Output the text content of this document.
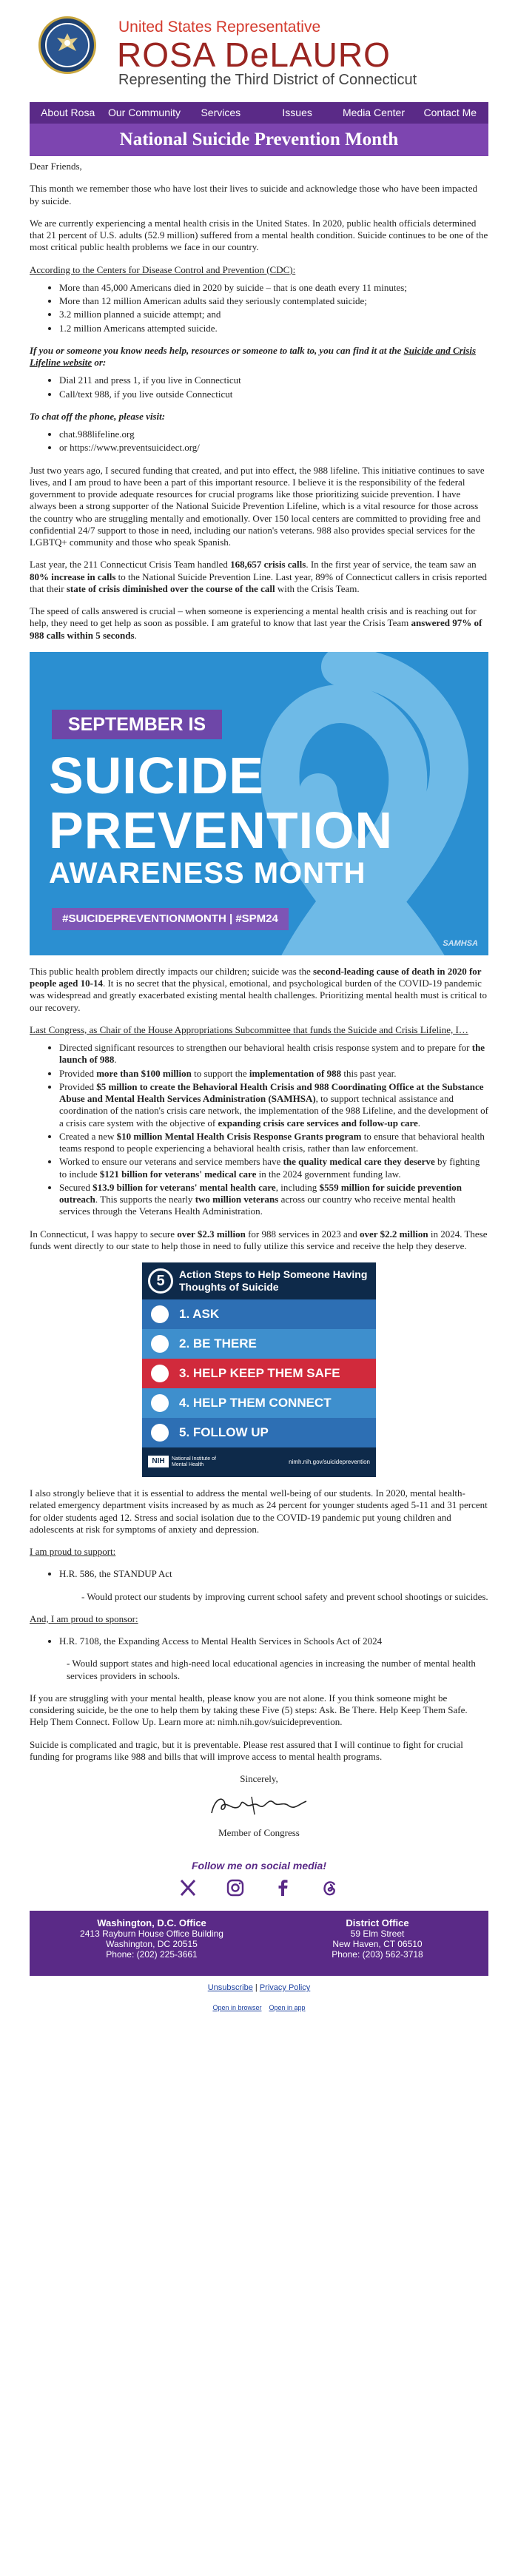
United States Representative
ROSA DeLAURO
Representing the Third District of Connecticut
About Rosa	Our Community	Services	Issues	Media Center	Contact Me
National Suicide Prevention Month

Dear Friends,

This month we remember those who have lost their lives to suicide and acknowledge those who have been impacted by suicide.

We are currently experiencing a mental health crisis in the United States. In 2020, public health officials determined that 21 percent of U.S. adults (52.9 million) suffered from a mental health condition. Suicide continues to be one of the most critical public health problems we face in our country.

According to the Centers for Disease Control and Prevention (CDC):

• More than 45,000 Americans died in 2020 by suicide – that is one death every 11 minutes;
• More than 12 million American adults said they seriously contemplated suicide;
• 3.2 million planned a suicide attempt; and
• 1.2 million Americans attempted suicide.

If you or someone you know needs help, resources or someone to talk to, you can find it at the Suicide and Crisis Lifeline website or:

• Dial 211 and press 1, if you live in Connecticut
• Call/text 988, if you live outside Connecticut

To chat off the phone, please visit:

• chat.988lifeline.org
• or https://www.preventsuicidect.org/

Just two years ago, I secured funding that created, and put into effect, the 988 lifeline. This initiative continues to save lives, and I am proud to have been a part of this important resource. I believe it is the responsibility of the federal government to provide adequate resources for crucial programs like those prioritizing suicide prevention. I have always been a strong supporter of the National Suicide Prevention Lifeline, which is a vital resource for those across the country who are struggling mentally and emotionally. Over 150 local centers are committed to providing free and confidential 24/7 support to those in need, including our nation's veterans. 988 also provides special services for the LGBTQ+ community and those who speak Spanish.

Last year, the 211 Connecticut Crisis Team handled 168,657 crisis calls. In the first year of service, the team saw an 80% increase in calls to the National Suicide Prevention Line. Last year, 89% of Connecticut callers in crisis reported that their state of crisis diminished over the course of the call with the Crisis Team.

The speed of calls answered is crucial – when someone is experiencing a mental health crisis and is reaching out for help, they need to get help as soon as possible. I am grateful to know that last year the Crisis Team answered 97% of 988 calls within 5 seconds.

SEPTEMBER IS
SUICIDE
PREVENTION
AWARENESS MONTH
#SUICIDEPREVENTIONMONTH | #SPM24
SAMHSA

This public health problem directly impacts our children; suicide was the second-leading cause of death in 2020 for people aged 10-14. It is no secret that the physical, emotional, and psychological burden of the COVID-19 pandemic was widespread and greatly exacerbated existing mental health challenges. Prioritizing mental health must is critical to our recovery.

Last Congress, as Chair of the House Appropriations Subcommittee that funds the Suicide and Crisis Lifeline, I…

• Directed significant resources to strengthen our behavioral health crisis response system and to prepare for the launch of 988.
• Provided more than $100 million to support the implementation of 988 this past year.
• Provided $5 million to create the Behavioral Health Crisis and 988 Coordinating Office at the Substance Abuse and Mental Health Services Administration (SAMHSA), to support technical assistance and coordination of the nation's crisis care network, the implementation of the 988 Lifeline, and the development of a crisis care system with the objective of expanding crisis care services and follow-up care.
• Created a new $10 million Mental Health Crisis Response Grants program to ensure that behavioral health teams respond to people experiencing a behavioral health crisis, rather than law enforcement.
• Worked to ensure our veterans and service members have the quality medical care they deserve by fighting to include $121 billion for veterans' medical care in the 2024 government funding law.
• Secured $13.9 billion for veterans' mental health care, including $559 million for suicide prevention outreach. This supports the nearly two million veterans across our country who receive mental health services through the Veterans Health Administration.

In Connecticut, I was happy to secure over $2.3 million for 988 services in 2023 and over $2.2 million in 2024. These funds went directly to our state to help those in need to fully utilize this service and receive the help they deserve.

5	Action Steps to Help Someone Having Thoughts of Suicide
1. ASK
2. BE THERE
3. HELP KEEP THEM SAFE
4. HELP THEM CONNECT
5. FOLLOW UP
NIH	National Institute of Mental Health	nimh.nih.gov/suicideprevention

I also strongly believe that it is essential to address the mental well-being of our students. In 2020, mental health-related emergency department visits increased by as much as 24 percent for younger students aged 5-11 and 31 percent for older students aged 12. Stress and social isolation due to the COVID-19 pandemic put young children and adolescents at risk for symptoms of anxiety and depression.

I am proud to support:

• H.R. 586, the STANDUP Act

- Would protect our students by improving current school safety and prevent school shootings or suicides.

And, I am proud to sponsor:

• H.R. 7108, the Expanding Access to Mental Health Services in Schools Act of 2024

- Would support states and high-need local educational agencies in increasing the number of mental health services providers in schools.

If you are struggling with your mental health, please know you are not alone. If you think someone might be considering suicide, be the one to help them by taking these Five (5) steps: Ask. Be There. Help Keep Them Safe. Help Them Connect. Follow Up. Learn more at: nimh.nih.gov/suicideprevention.

Suicide is complicated and tragic, but it is preventable. Please rest assured that I will continue to fight for crucial funding for programs like 988 and bills that will improve access to mental health programs.

Sincerely,
Member of Congress
Follow me on social media!
Washington, D.C. Office
2413 Rayburn House Office Building
Washington, DC 20515
Phone: (202) 225-3661
District Office
59 Elm Street
New Haven, CT 06510
Phone: (203) 562-3718
Unsubscribe | Privacy Policy
Open in browser Open in app
